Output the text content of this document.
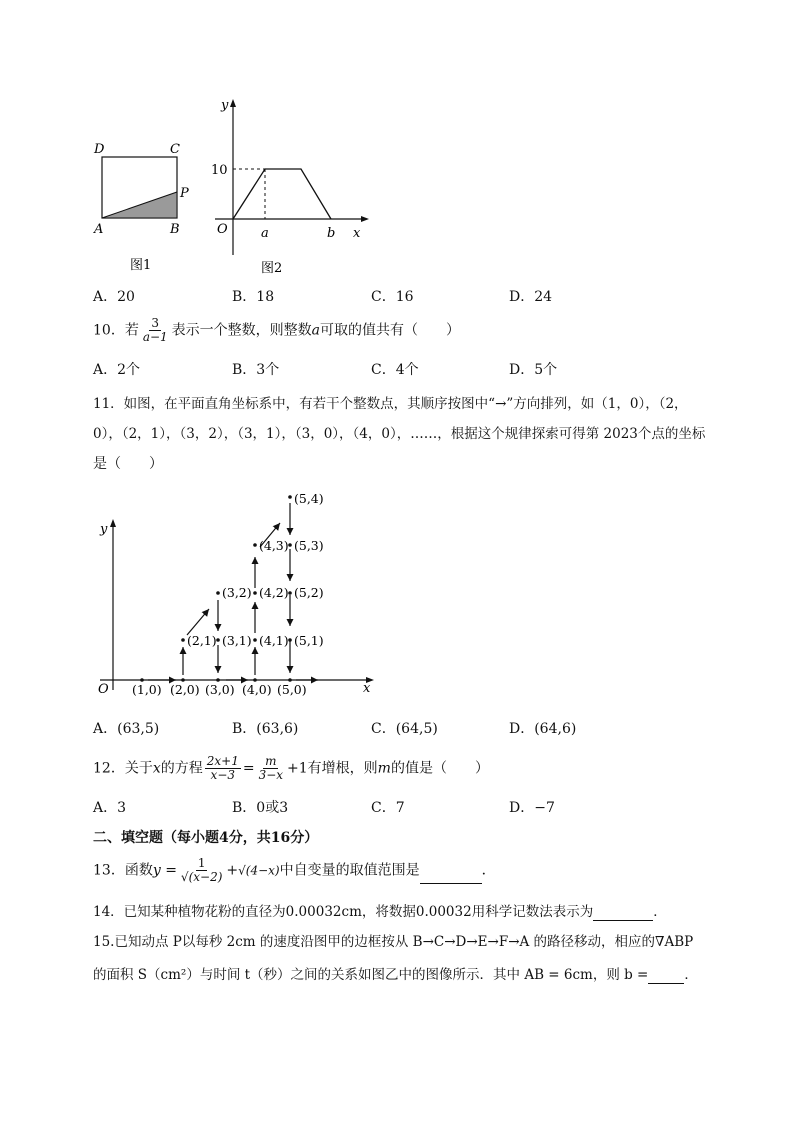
D	C
P
A	B
图1
y
x
O
10
a	b
图2
A．20	B．18	C．16	D．24
10．若 $\frac{3}{a-1}$ 表示一个整数，则整数a可取的值共有（　　）
A．2个	B．3个	C．4个	D．5个
11．如图，在平面直角坐标系中，有若干个整数点，其顺序按图中“→”方向排列，如（1，0），（2，
0），（2，1），（3，2），（3，1），（3，0），（4，0），……，根据这个规律探索可得第 2023个点的坐标
是（　　）
y
x
O (1,0) (2,0) (3,0) (4,0) (5,0)
(2,1) (3,1) (4,1) (5,1)
(3,2) (4,2) (5,2)
(4,3) (5,3)
(5,4)
A．(63,5)	B．(63,6)	C．(64,5)	D．(64,6)
12．关于x的方程 $\frac{2x+1}{x-3} = \frac{m}{3-x} +1$有增根，则m的值是（　　）
A．3	B．0或3	C．7	D．−7
二、填空题（每小题4分，共16分）
13．函数$y = \frac{1}{√(x-2)} +√(4-x)$中自变量的取值范围是	．
14．已知某种植物花粉的直径为0.00032cm，将数据0.00032用科学记数法表示为	．
15.已知动点 P以每秒 2cm 的速度沿图甲的边框按从 B→C→D→E→F→A 的路径移动，相应的∇ABP
的面积 S（cm²）与时间 t（秒）之间的关系如图乙中的图像所示．其中 AB = 6cm，则 b =	．
